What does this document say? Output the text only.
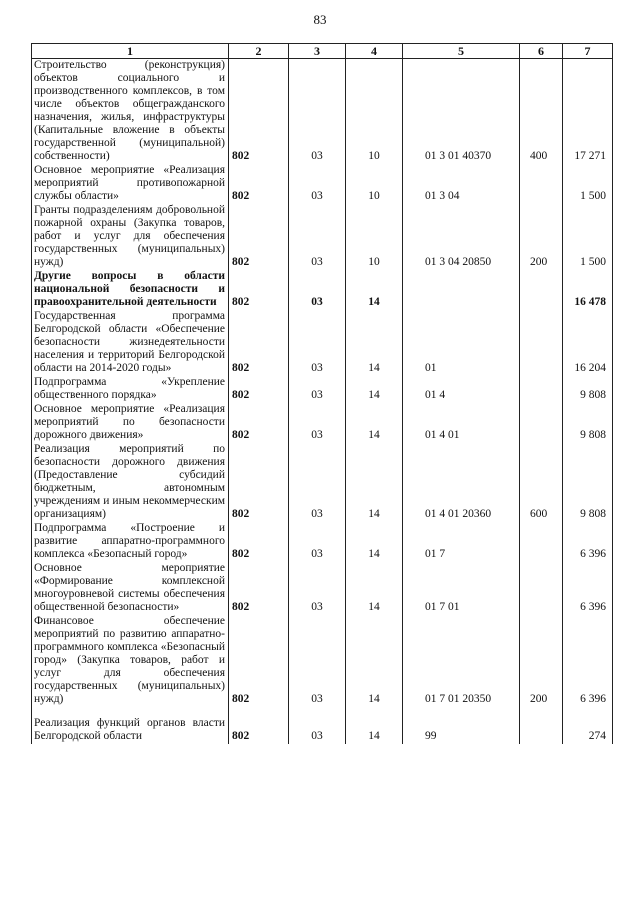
83
1	2	3	4	5	6	7
Строительство (реконструкция) объектов социального и производственного комплексов, в том числе объектов общегражданского назначения, жилья, инфраструктуры (Капитальные вложение в объекты государственной (муниципальной) собственности)	802	03	10	01 3 01 40370	400	17 271
Основное мероприятие «Реализация мероприятий противопожарной службы области»	802	03	10	01 3 04		1 500
Гранты подразделениям добровольной пожарной охраны (Закупка товаров, работ и услуг для обеспечения государственных (муниципальных) нужд)	802	03	10	01 3 04 20850	200	1 500
Другие вопросы в области национальной безопасности и правоохранительной деятельности	802	03	14			16 478
Государственная программа Белгородской области «Обеспечение безопасности жизнедеятельности населения и территорий Белгородской области на 2014-2020 годы»	802	03	14	01		16 204
Подпрограмма «Укрепление общественного порядка»	802	03	14	01 4		9 808
Основное мероприятие «Реализация мероприятий по безопасности дорожного движения»	802	03	14	01 4 01		9 808
Реализация мероприятий по безопасности дорожного движения (Предоставление субсидий бюджетным, автономным учреждениям и иным некоммерческим организациям)	802	03	14	01 4 01 20360	600	9 808
Подпрограмма «Построение и развитие аппаратно-программного комплекса «Безопасный город»	802	03	14	01 7		6 396
Основное мероприятие «Формирование комплексной многоуровневой системы обеспечения общественной безопасности»	802	03	14	01 7 01		6 396
Финансовое обеспечение мероприятий по развитию аппаратно-программного комплекса «Безопасный город» (Закупка товаров, работ и услуг для обеспечения государственных (муниципальных) нужд)	802	03	14	01 7 01 20350	200	6 396
Реализация функций органов власти Белгородской области	802	03	14	99		274
